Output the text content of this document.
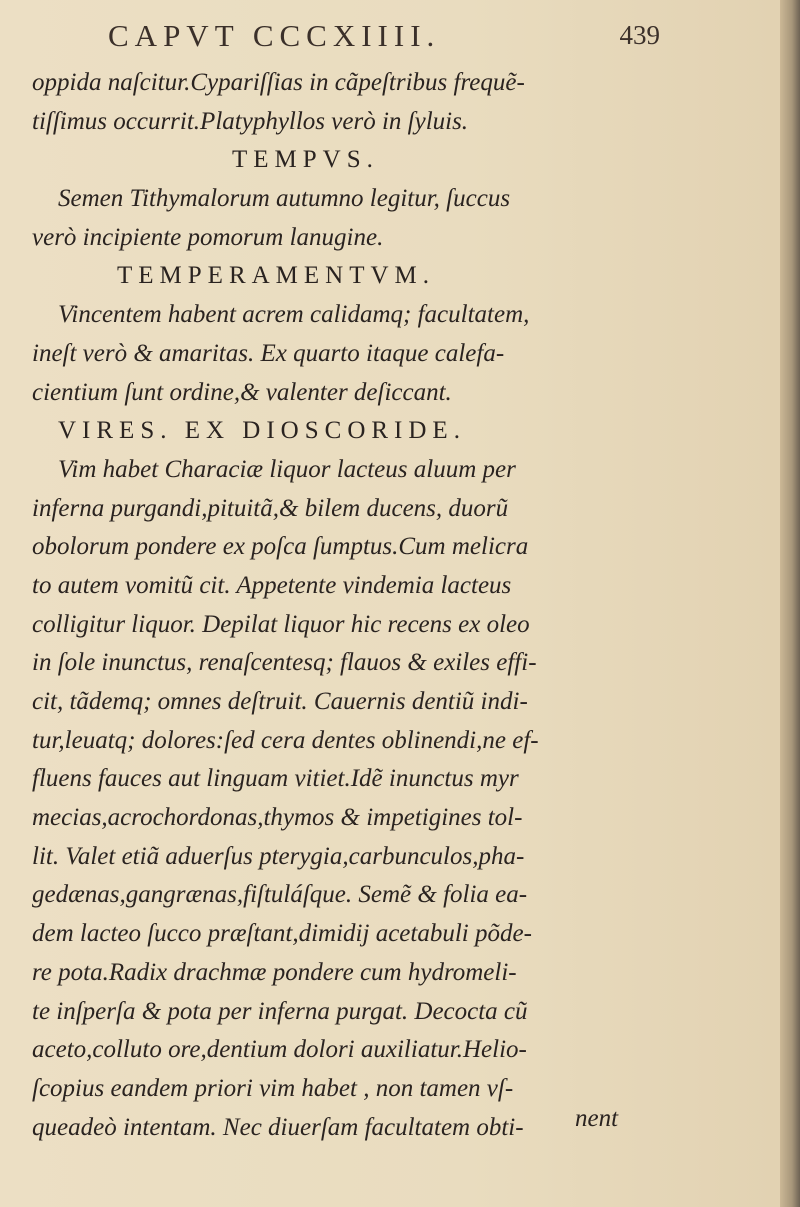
CAPVT CCCXIIII.	439
oppida naſcitur.Cypariſſias in cãpeſtribus frequẽ-
tiſſimus occurrit.Platyphyllos verò in ſyluis.
TEMPVS.
Semen Tithymalorum autumno legitur, ſuccus
verò incipiente pomorum lanugine.
TEMPERAMENTVM.
Vincentem habent acrem calidamq; facultatem,
ineſt verò & amaritas. Ex quarto itaque calefa-
cientium ſunt ordine,& valenter deſiccant.
VIRES. EX DIOSCORIDE.
Vim habet Characiæ liquor lacteus aluum per
inferna purgandi,pituitã,& bilem ducens, duorũ
obolorum pondere ex poſca ſumptus.Cum melicra
to autem vomitũ cit. Appetente vindemia lacteus
colligitur liquor. Depilat liquor hic recens ex oleo
in ſole inunctus, renaſcentesq; flauos & exiles effi-
cit, tãdemq; omnes deſtruit. Cauernis dentiũ indi-
tur,leuatq; dolores:ſed cera dentes oblinendi,ne ef-
fluens fauces aut linguam vitiet.Idẽ inunctus myr
mecias,acrochordonas,thymos & impetigines tol-
lit. Valet etiã aduerſus pterygia,carbunculos,pha-
gedænas,gangrænas,fiſtuláſque. Semẽ & folia ea-
dem lacteo ſucco præſtant,dimidij acetabuli põde-
re pota.Radix drachmæ pondere cum hydromeli-
te inſperſa & pota per inferna purgat. Decocta cũ
aceto,colluto ore,dentium dolori auxiliatur.Helio-
ſcopius eandem priori vim habet , non tamen vſ-
queadeò intentam. Nec diuerſam facultatem obti-	nent
